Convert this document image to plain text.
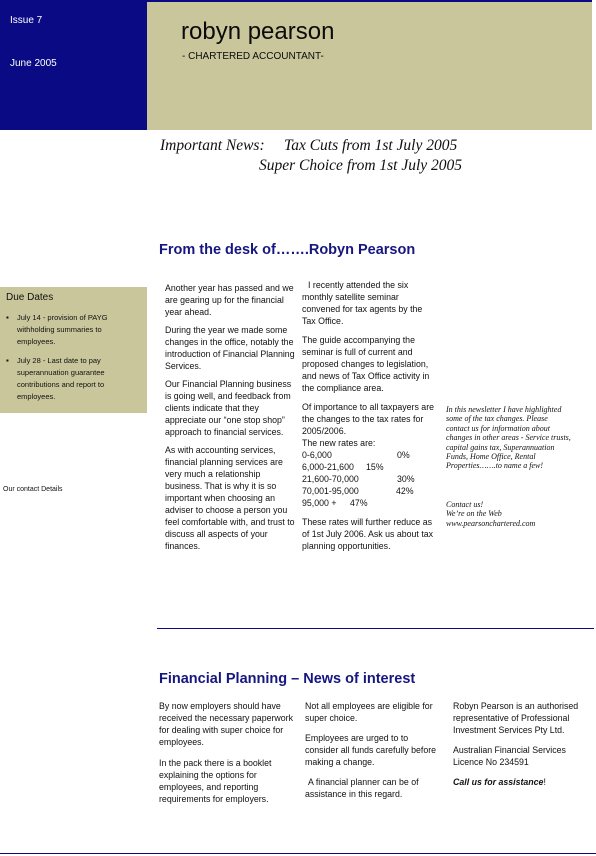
Issue 7
June 2005
robyn pearson
- CHARTERED ACCOUNTANT-
Important News:     Tax Cuts from 1st July 2005
Super Choice from 1st July 2005
From the desk of…….Robyn Pearson

Another year has passed and we are gearing up for the financial year ahead.

During the year we made some changes in the office, notably the introduction of Financial Planning Services.

Our Financial Planning business is going well, and feedback from clients indicate that they appreciate our “one stop shop” approach to financial services.

As with accounting services, financial planning services are very much a relationship business. That is why it is so important when choosing an adviser to choose a person you feel comfortable with, and trust to discuss all aspects of your finances.

I recently attended the six monthly satellite seminar convened for tax agents by the Tax Office.

The guide accompanying the seminar is full of current and proposed changes to legislation, and news of Tax Office activity in the compliance area.

Of importance to all taxpayers are the changes to the tax rates for 2005/2006.
The new rates are:
0-6,000	0%
6,000-21,600	15%
21,600-70,000	30%
70,001-95,000	42%
95,000 +	47%

These rates will further reduce as of 1st July 2006. Ask us about tax planning opportunities.

Due Dates
▪ July 14 - provision of PAYG withholding summaries to employees.
▪ July 28 - Last date to pay superannuation guarantee contributions and report to employees.
Our contact Details

In this newsletter I have highlighted some of the tax changes. Please contact us for information about changes in other areas - Service trusts, capital gains tax, Superannuation Funds, Home Office, Rental Properties…….to name a few!

Contact us!

We’re on the Web

www.pearsonchartered.com

Financial Planning – News of interest

By now employers should have received the necessary paperwork for dealing with super choice for employees.

In the pack there is a booklet explaining the options for employees, and reporting requirements for employers.

Not all employees are eligible for super choice.

Employees are urged to to consider all funds carefully before making a change.

A financial planner can be of assistance in this regard.

Robyn Pearson is an authorised representative of Professional Investment Services Pty Ltd.

Australian Financial Services Licence No 234591

Call us for assistance!
